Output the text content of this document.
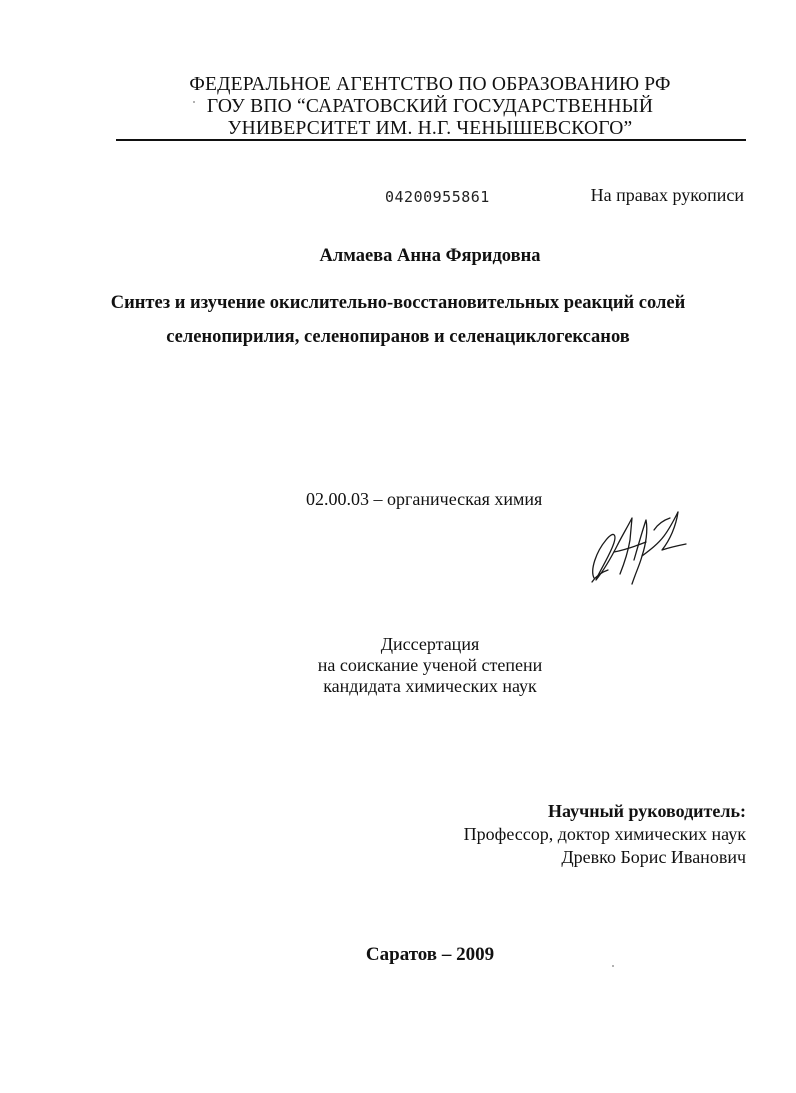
ФЕДЕРАЛЬНОЕ АГЕНТСТВО ПО ОБРАЗОВАНИЮ РФ
ГОУ ВПО “САРАТОВСКИЙ ГОСУДАРСТВЕННЫЙ
УНИВЕРСИТЕТ ИМ. Н.Г. ЧЕНЫШЕВСКОГО”
04200955861	На правах рукописи
Алмаева Анна Фяридовна
Синтез и изучение окислительно-восстановительных реакций солей
селенопирилия, селенопиранов и селенациклогексанов
02.00.03 – органическая химия
Диссертация
на соискание ученой степени
кандидата химических наук
Научный руководитель:
Профессор, доктор химических наук
Древко Борис Иванович
Саратов – 2009
